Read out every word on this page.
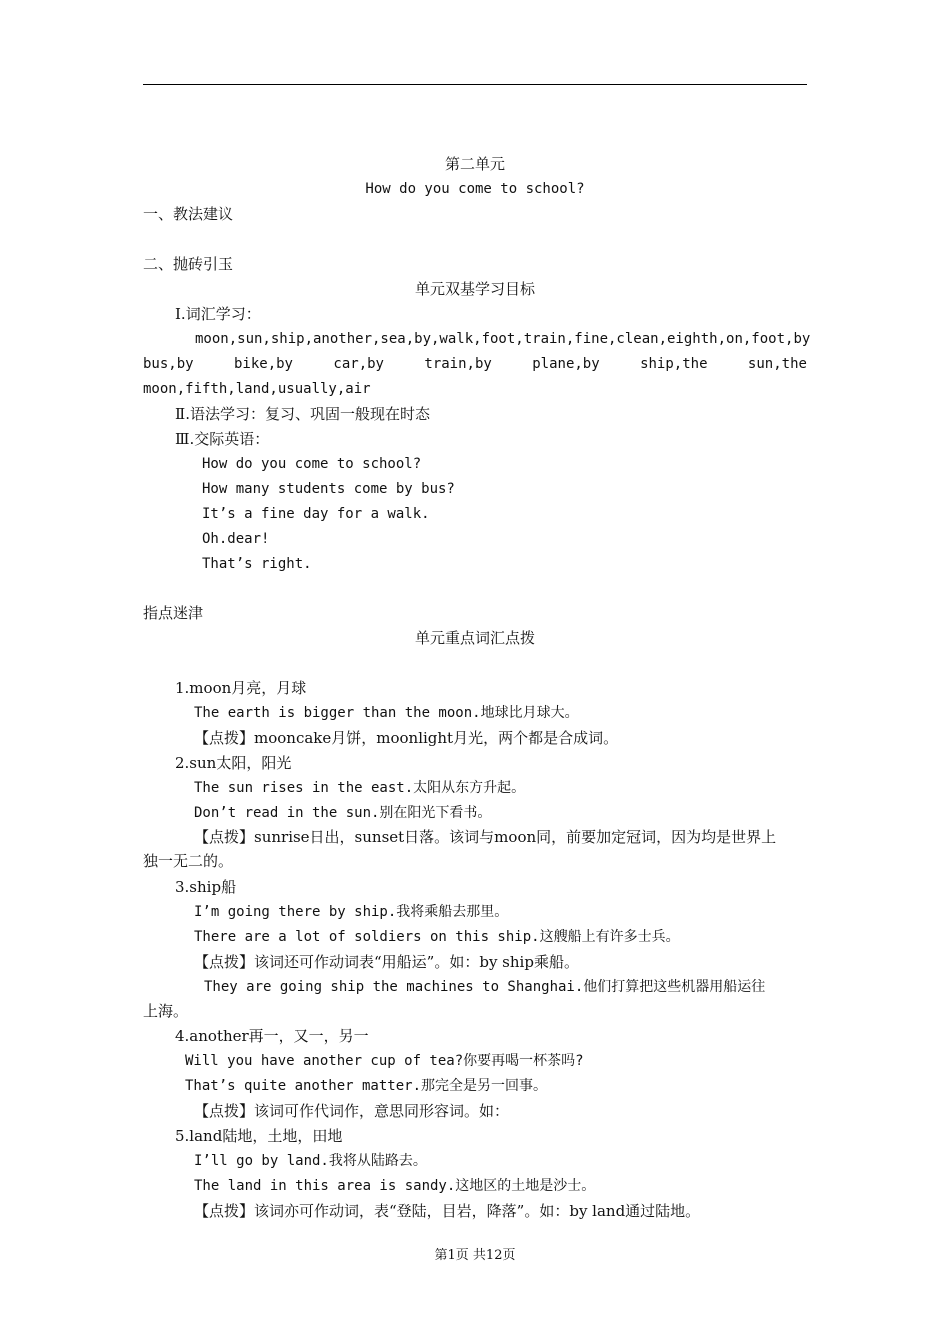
第二单元
How do you come to school?
一、教法建议
二、抛砖引玉
单元双基学习目标
Ⅰ.词汇学习：
moon,sun,ship,another,sea,by,walk,foot,train,fine,clean,eighth,on,foot,by
bus,by	bike,by	car,by	train,by	plane,by	ship,the	sun,the
moon,fifth,land,usually,air
Ⅱ.语法学习：复习、巩固一般现在时态
Ⅲ.交际英语：
How do you come to school?
How many students come by bus?
It’s a fine day for a walk.
Oh.dear!
That’s right.
指点迷津
单元重点词汇点拨
1.moon月亮，月球
The earth is bigger than the moon.地球比月球大。
【点拨】mooncake月饼，moonlight月光，两个都是合成词。
2.sun太阳，阳光
The sun rises in the east.太阳从东方升起。
Don’t read in the sun.别在阳光下看书。
【点拨】sunrise日出，sunset日落。该词与moon同，前要加定冠词，因为均是世界上
独一无二的。
3.ship船
I’m going there by ship.我将乘船去那里。
There are a lot of soldiers on this ship.这艘船上有许多士兵。
【点拨】该词还可作动词表“用船运”。如：by ship乘船。
They are going ship the machines to Shanghai.他们打算把这些机器用船运往
上海。
4.another再一，又一，另一
Will you have another cup of tea?你要再喝一杯茶吗?
That’s quite another matter.那完全是另一回事。
【点拨】该词可作代词作，意思同形容词。如：
5.land陆地，土地，田地
I’ll go by land.我将从陆路去。
The land in this area is sandy.这地区的土地是沙士。
【点拨】该词亦可作动词，表“登陆，目岩，降落”。如：by land通过陆地。
第1页 共12页
